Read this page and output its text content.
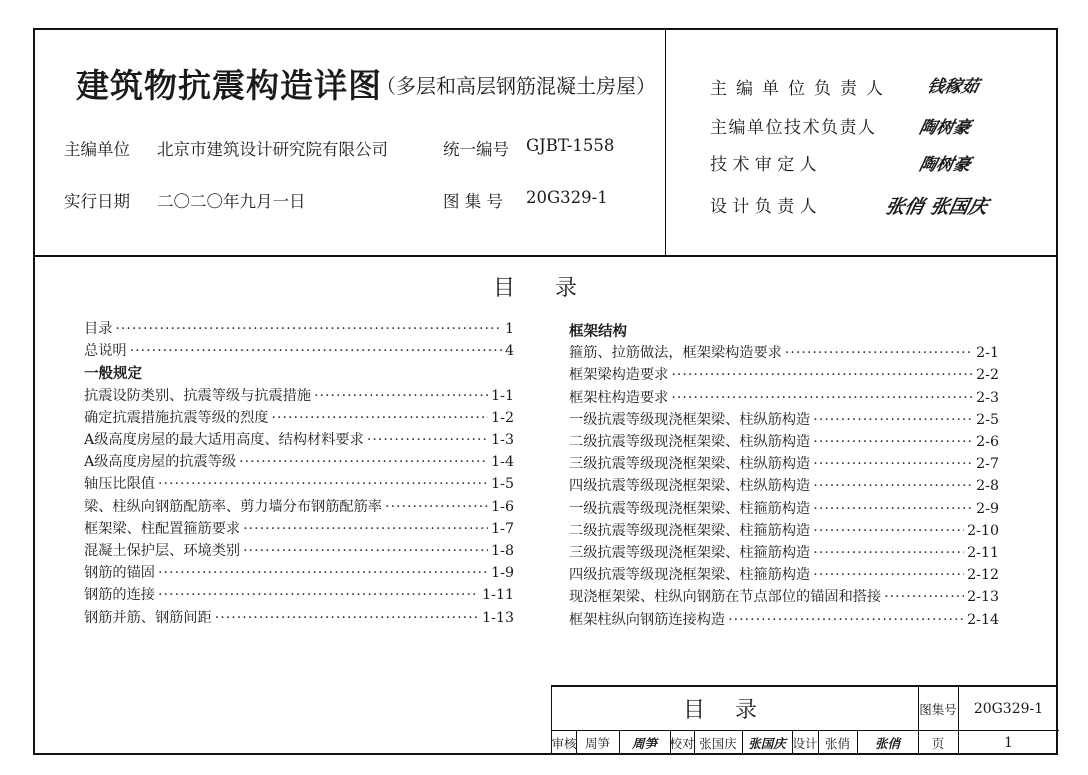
建筑物抗震构造详图
（多层和高层钢筋混凝土房屋）
主编单位 北京市建筑设计研究院有限公司	统一编号 GJBT-1558
实行日期 二〇二〇年九月一日	图 集 号 20G329-1
主编单位负责人 钱稼茹
主编单位技术负责人 陶树豪
技 术 审 定 人	陶树豪
设 计 负 责 人	张俏 张国庆
目录
目录 ·····	1
总说明 ·····	4
一般规定
抗震设防类别、抗震等级与抗震措施 ·····	1-1
确定抗震措施抗震等级的烈度 ·····	1-2
A级高度房屋的最大适用高度、结构材料要求 ·····	1-3
A级高度房屋的抗震等级 ·····	1-4
轴压比限值 ·····	1-5
梁、柱纵向钢筋配筋率、剪力墙分布钢筋配筋率 ·····	1-6
框架梁、柱配置箍筋要求 ·····	1-7
混凝土保护层、环境类别 ·····	1-8
钢筋的锚固 ·····	1-9
钢筋的连接 ·····	1-11
钢筋并筋、钢筋间距 ·····	1-13
框架结构
箍筋、拉筋做法，框架梁构造要求 ·····	2-1
框架梁构造要求 ·····	2-2
框架柱构造要求 ·····	2-3
一级抗震等级现浇框架梁、柱纵筋构造 ·····	2-5
二级抗震等级现浇框架梁、柱纵筋构造 ·····	2-6
三级抗震等级现浇框架梁、柱纵筋构造 ·····	2-7
四级抗震等级现浇框架梁、柱纵筋构造 ·····	2-8
一级抗震等级现浇框架梁、柱箍筋构造 ·····	2-9
二级抗震等级现浇框架梁、柱箍筋构造 ·····	2-10
三级抗震等级现浇框架梁、柱箍筋构造 ·····	2-11
四级抗震等级现浇框架梁、柱箍筋构造 ·····	2-12
现浇框架梁、柱纵向钢筋在节点部位的锚固和搭接 ·····	2-13
框架柱纵向钢筋连接构造 ·····	2-14
目录	图集号	20G329-1
审核 周笋	周笋	校对 张国庆 张国庆 设计 张俏	张俏	页	1
